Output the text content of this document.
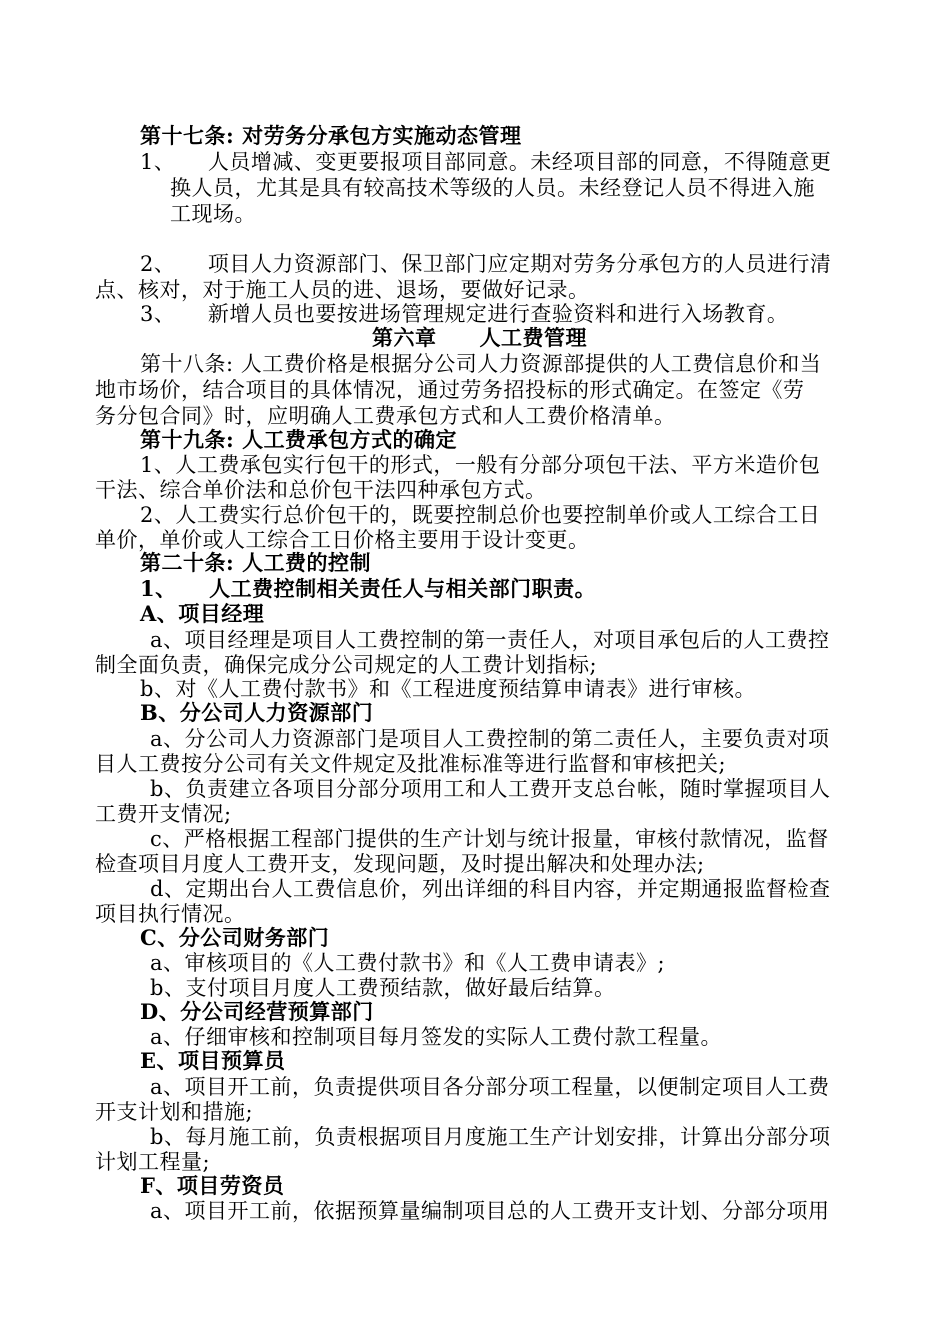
第十七条: 对劳务分承包方实施动态管理
1、　　人员增减、变更要报项目部同意。未经项目部的同意，不得随意更
换人员，尤其是具有较高技术等级的人员。未经登记人员不得进入施
工现场。
2、　　项目人力资源部门、保卫部门应定期对劳务分承包方的人员进行清
点、核对，对于施工人员的进、退场，要做好记录。
3、　　新增人员也要按进场管理规定进行查验资料和进行入场教育。
第六章　　人工费管理
第十八条: 人工费价格是根据分公司人力资源部提供的人工费信息价和当
地市场价，结合项目的具体情况，通过劳务招投标的形式确定。在签定《劳
务分包合同》时，应明确人工费承包方式和人工费价格清单。
第十九条: 人工费承包方式的确定
1、人工费承包实行包干的形式，一般有分部分项包干法、平方米造价包
干法、综合单价法和总价包干法四种承包方式。
2、人工费实行总价包干的，既要控制总价也要控制单价或人工综合工日
单价，单价或人工综合工日价格主要用于设计变更。
第二十条: 人工费的控制
1、　　人工费控制相关责任人与相关部门职责。
A、项目经理
a、项目经理是项目人工费控制的第一责任人，对项目承包后的人工费控
制全面负责，确保完成分公司规定的人工费计划指标;
b、对《人工费付款书》和《工程进度预结算申请表》进行审核。
B、分公司人力资源部门
a、分公司人力资源部门是项目人工费控制的第二责任人，主要负责对项
目人工费按分公司有关文件规定及批准标准等进行监督和审核把关;
b、负责建立各项目分部分项用工和人工费开支总台帐，随时掌握项目人
工费开支情况;
c、严格根据工程部门提供的生产计划与统计报量，审核付款情况，监督
检查项目月度人工费开支，发现问题，及时提出解决和处理办法;
d、定期出台人工费信息价，列出详细的科目内容，并定期通报监督检查
项目执行情况。
C、分公司财务部门
a、审核项目的《人工费付款书》和《人工费申请表》;
b、支付项目月度人工费预结款，做好最后结算。
D、分公司经营预算部门
a、仔细审核和控制项目每月签发的实际人工费付款工程量。
E、项目预算员
a、项目开工前，负责提供项目各分部分项工程量，以便制定项目人工费
开支计划和措施;
b、每月施工前，负责根据项目月度施工生产计划安排，计算出分部分项
计划工程量;
F、项目劳资员
a、项目开工前，依据预算量编制项目总的人工费开支计划、分部分项用
